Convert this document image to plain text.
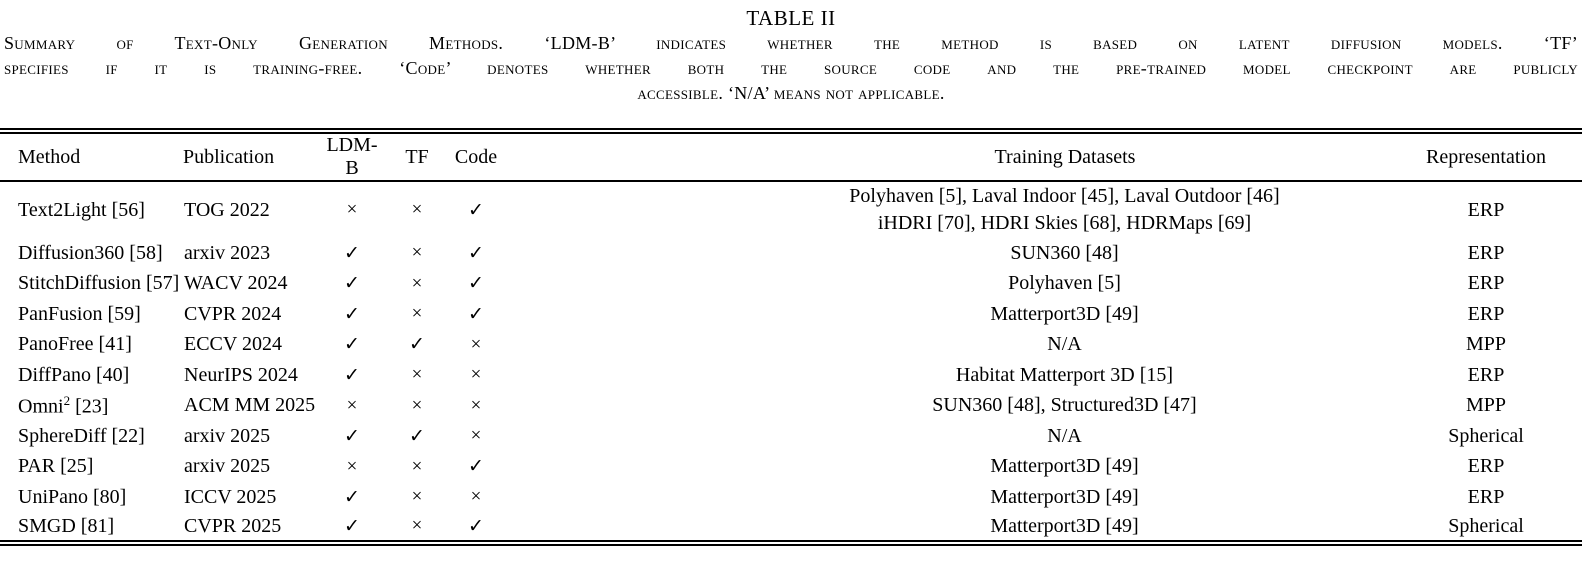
TABLE II
Summary of Text-Only Generation Methods. ‘LDM-B’ indicates whether the method is based on latent diffusion models. ‘TF’
specifies if it is training-free. ‘Code’ denotes whether both the source code and the pre-trained model checkpoint are publicly
accessible. ‘N/A’ means not applicable.
Method	Publication	LDM-B	TF	Code	Training Datasets	Representation
Text2Light [56]	TOG 2022	×	×	✓	Polyhaven [5], Laval Indoor [45], Laval Outdoor [46]
iHDRI [70], HDRI Skies [68], HDRMaps [69]	ERP
Diffusion360 [58]	arxiv 2023	✓	×	✓	SUN360 [48]	ERP
StitchDiffusion [57]	WACV 2024	✓	×	✓	Polyhaven [5]	ERP
PanFusion [59]	CVPR 2024	✓	×	✓	Matterport3D [49]	ERP
PanoFree [41]	ECCV 2024	✓	✓	×	N/A	MPP
DiffPano [40]	NeurIPS 2024	✓	×	×	Habitat Matterport 3D [15]	ERP
Omni$^2$ [23]	ACM MM 2025	×	×	×	SUN360 [48], Structured3D [47]	MPP
SphereDiff [22]	arxiv 2025	✓	✓	×	N/A	Spherical
PAR [25]	arxiv 2025	×	×	✓	Matterport3D [49]	ERP
UniPano [80]	ICCV 2025	✓	×	×	Matterport3D [49]	ERP
SMGD [81]	CVPR 2025	✓	×	✓	Matterport3D [49]	Spherical
